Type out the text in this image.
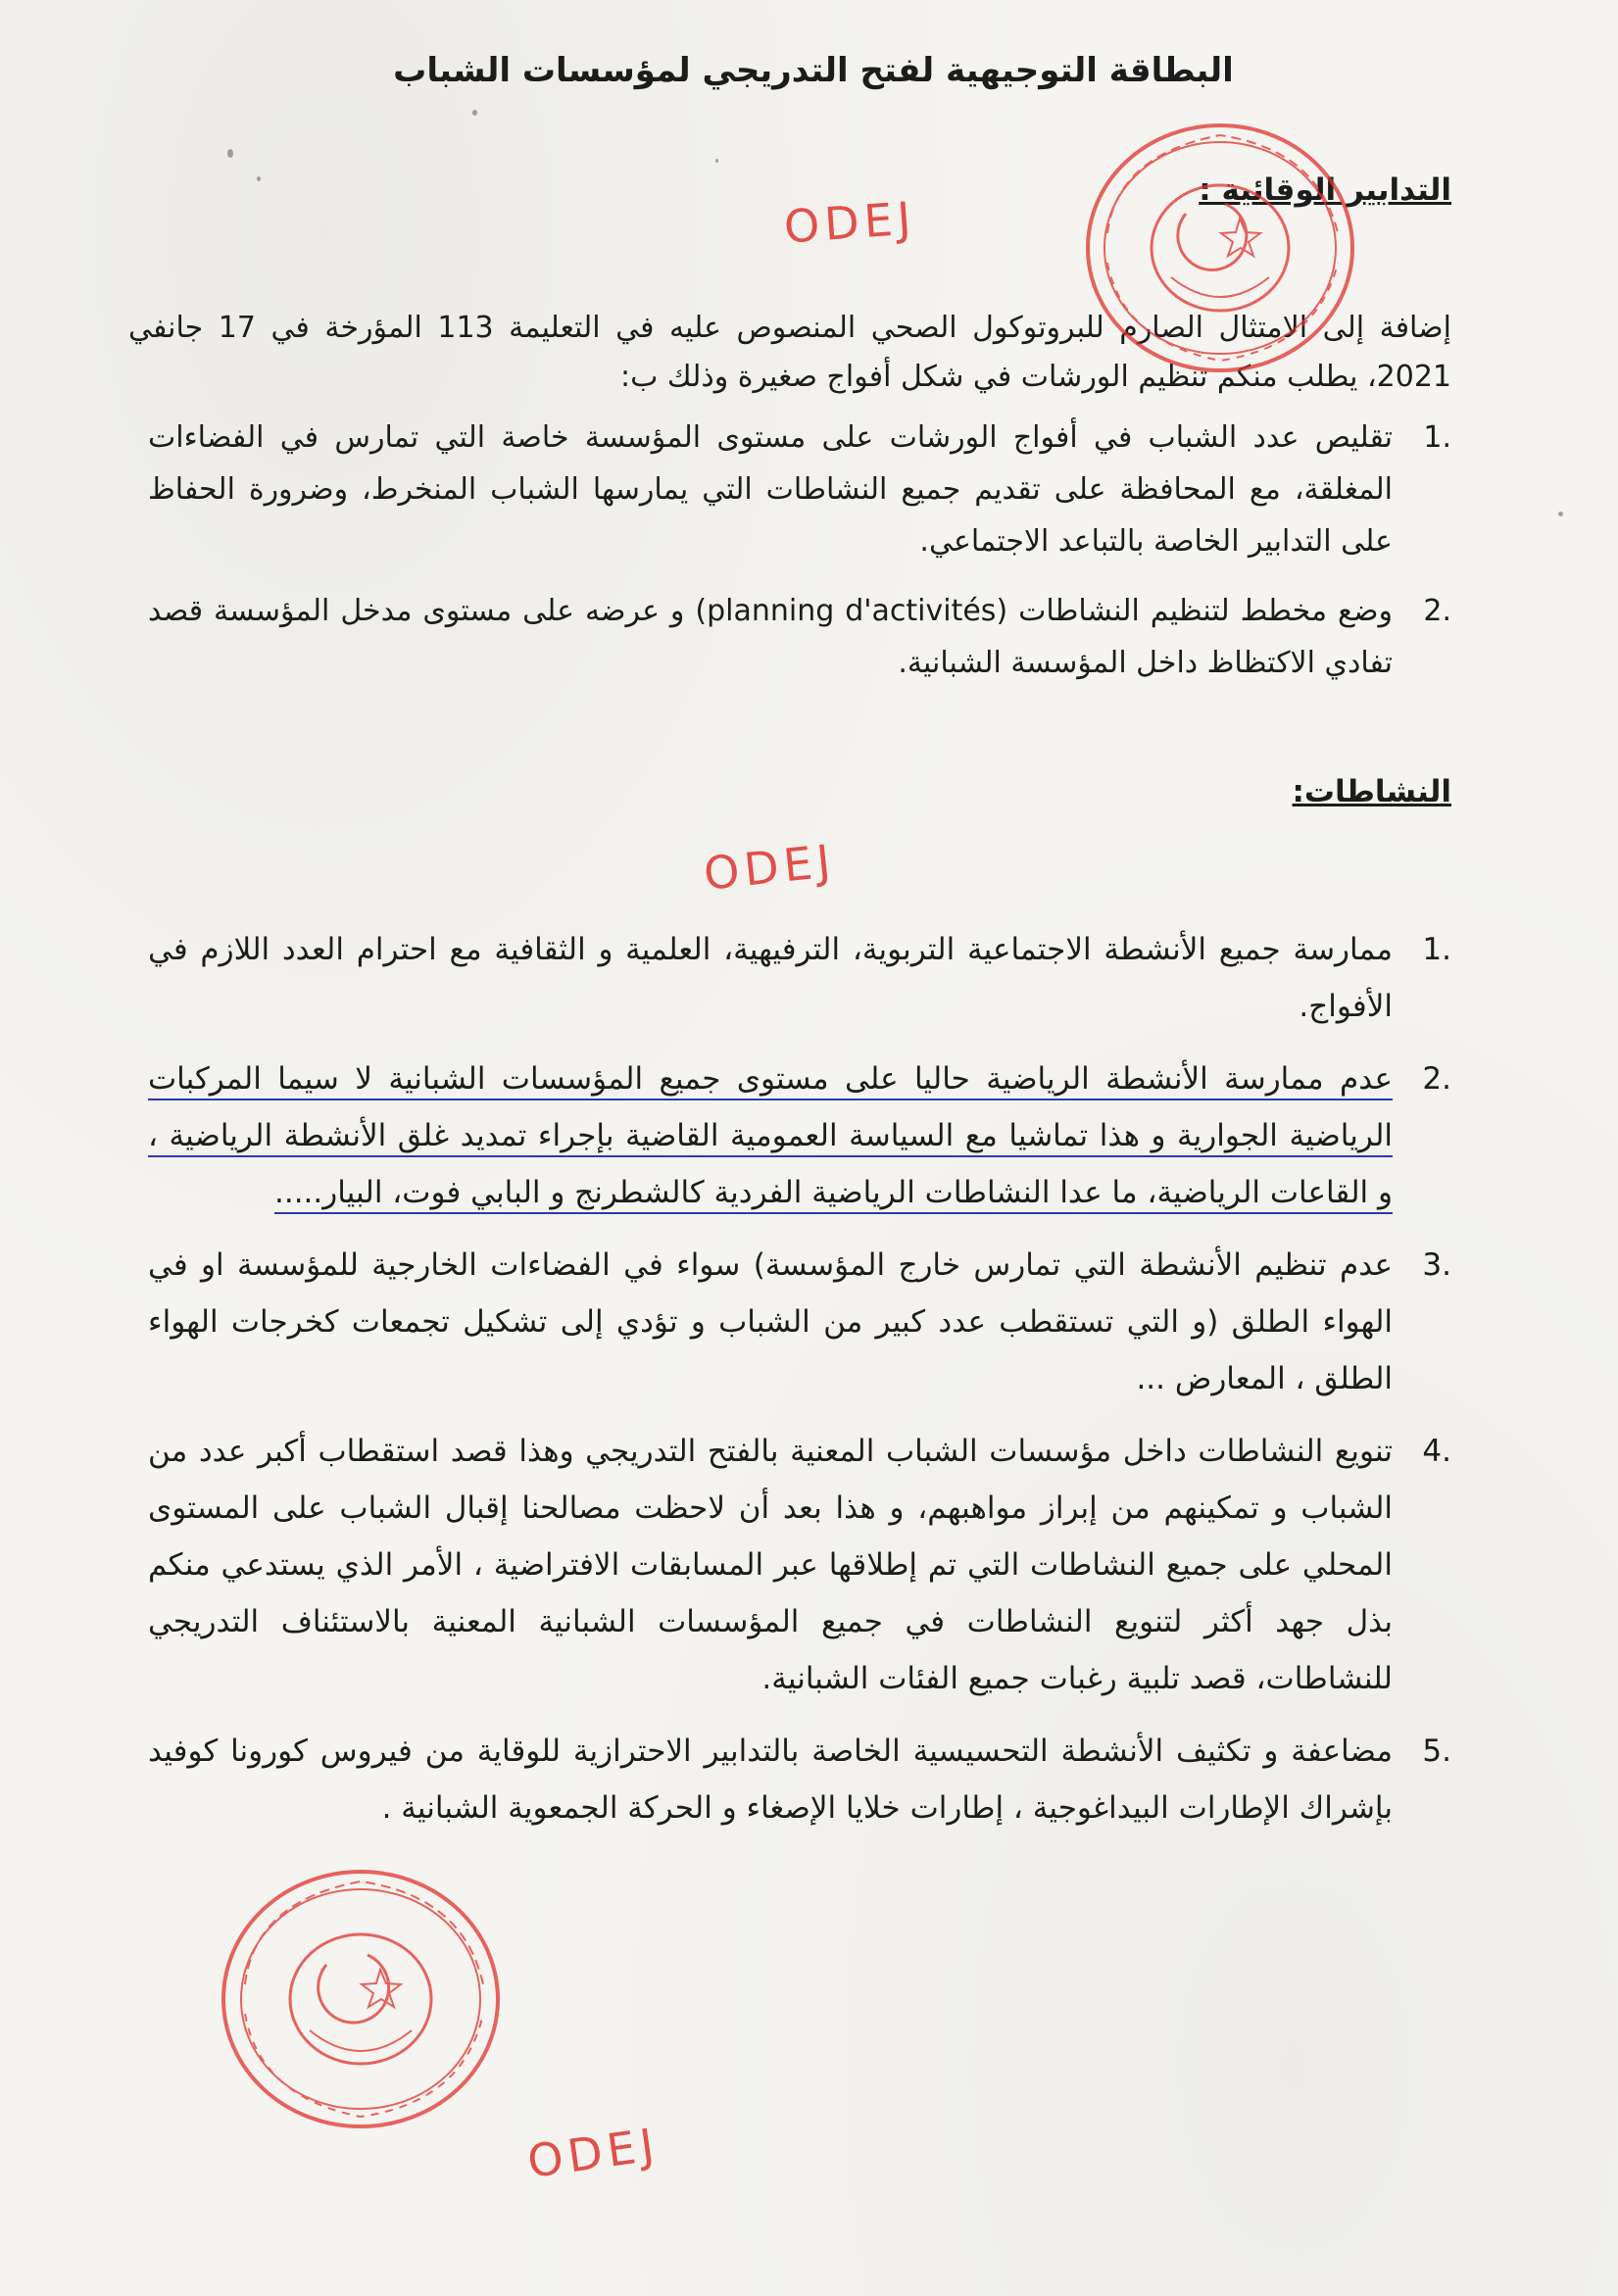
البطاقة التوجيهية لفتح التدريجي لمؤسسات الشباب
التدابير الوقائية :
إضافة إلى الامتثال الصارم للبروتوكول الصحي المنصوص عليه في التعليمة 113 المؤرخة في 17 جانفي 2021، يطلب منكم تنظيم الورشات في شكل أفواج صغيرة وذلك ب:
1.
تقليص عدد الشباب في أفواج الورشات على مستوى المؤسسة خاصة التي تمارس في الفضاءات المغلقة، مع المحافظة على تقديم جميع النشاطات التي يمارسها الشباب المنخرط، وضرورة الحفاظ على التدابير الخاصة بالتباعد الاجتماعي.
2.
وضع مخطط لتنظيم النشاطات (planning d'activités) و عرضه على مستوى مدخل المؤسسة قصد تفادي الاكتظاظ داخل المؤسسة الشبانية.
النشاطات:
1.
ممارسة جميع الأنشطة الاجتماعية التربوية، الترفيهية، العلمية و الثقافية مع احترام العدد اللازم في الأفواج.
2.
عدم ممارسة الأنشطة الرياضية حاليا على مستوى جميع المؤسسات الشبانية لا سيما المركبات الرياضية الجوارية و هذا تماشيا مع السياسة العمومية القاضية بإجراء تمديد غلق الأنشطة الرياضية ، و القاعات الرياضية، ما عدا النشاطات الرياضية الفردية كالشطرنج و البابي فوت، البيار.....
3.
عدم تنظيم الأنشطة التي تمارس خارج المؤسسة) سواء في الفضاءات الخارجية للمؤسسة او في الهواء الطلق (و التي تستقطب عدد كبير من الشباب و تؤدي إلى تشكيل تجمعات كخرجات الهواء الطلق ، المعارض ...
4.
تنويع النشاطات داخل مؤسسات الشباب المعنية بالفتح التدريجي وهذا قصد استقطاب أكبر عدد من الشباب و تمكينهم من إبراز مواهبهم، و هذا بعد أن لاحظت مصالحنا إقبال الشباب على المستوى المحلي على جميع النشاطات التي تم إطلاقها عبر المسابقات الافتراضية ، الأمر الذي يستدعي منكم بذل جهد أكثر لتنويع النشاطات في جميع المؤسسات الشبانية المعنية بالاستئناف التدريجي للنشاطات، قصد تلبية رغبات جميع الفئات الشبانية.
5.
مضاعفة و تكثيف الأنشطة التحسيسية الخاصة بالتدابير الاحترازية للوقاية من فيروس كورونا كوفيد بإشراك الإطارات البيداغوجية ، إطارات خلايا الإصغاء و الحركة الجمعوية الشبانية .
ODEJ
ODEJ
ODEJ
